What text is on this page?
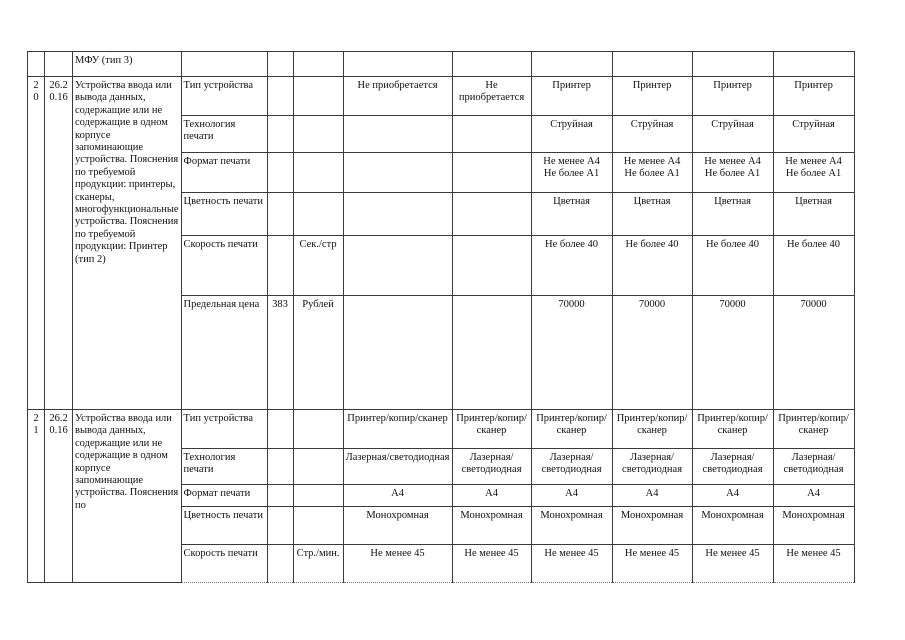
		МФУ (тип 3)									
2
0	26.2
0.16	Устройства ввода или вывода данных, содержащие или не содержащие в одном корпусе запоминающие устройства. Пояснения по требуемой продукции: принтеры, сканеры, многофункциональные устройства. Пояснения по требуемой продукции: Принтер (тип 2)	Тип устройства			Не приобретается	Не приобретается	Принтер	Принтер	Принтер	Принтер
			Технология печати					Струйная	Струйная	Струйная	Струйная
			Формат печати					Не менее А4
Не более А1	Не менее А4
Не более А1	Не менее А4
Не более А1	Не менее А4
Не более А1
			Цветность печати					Цветная	Цветная	Цветная	Цветная
			Скорость печати		Сек./стр			Не более 40	Не более 40	Не более 40	Не более 40
			Предельная цена	383	Рублей			70000	70000	70000	70000
2
1	26.2
0.16	Устройства ввода или вывода данных, содержащие или не содержащие в одном корпусе запоминающие устройства. Пояснения по	Тип устройства			Принтер/копир/сканер	Принтер/копир/сканер	Принтер/копир/сканер	Принтер/копир/сканер	Принтер/копир/сканер	Принтер/копир/сканер
			Технология печати			Лазерная/светодиодная	Лазерная/светодиодная	Лазерная/светодиодная	Лазерная/светодиодная	Лазерная/светодиодная	Лазерная/светодиодная
			Формат печати			А4	А4	А4	А4	А4	А4
			Цветность печати			Монохромная	Монохромная	Монохромная	Монохромная	Монохромная	Монохромная
			Скорость печати		Стр./мин.	Не менее 45	Не менее 45	Не менее 45	Не менее 45	Не менее 45	Не менее 45
